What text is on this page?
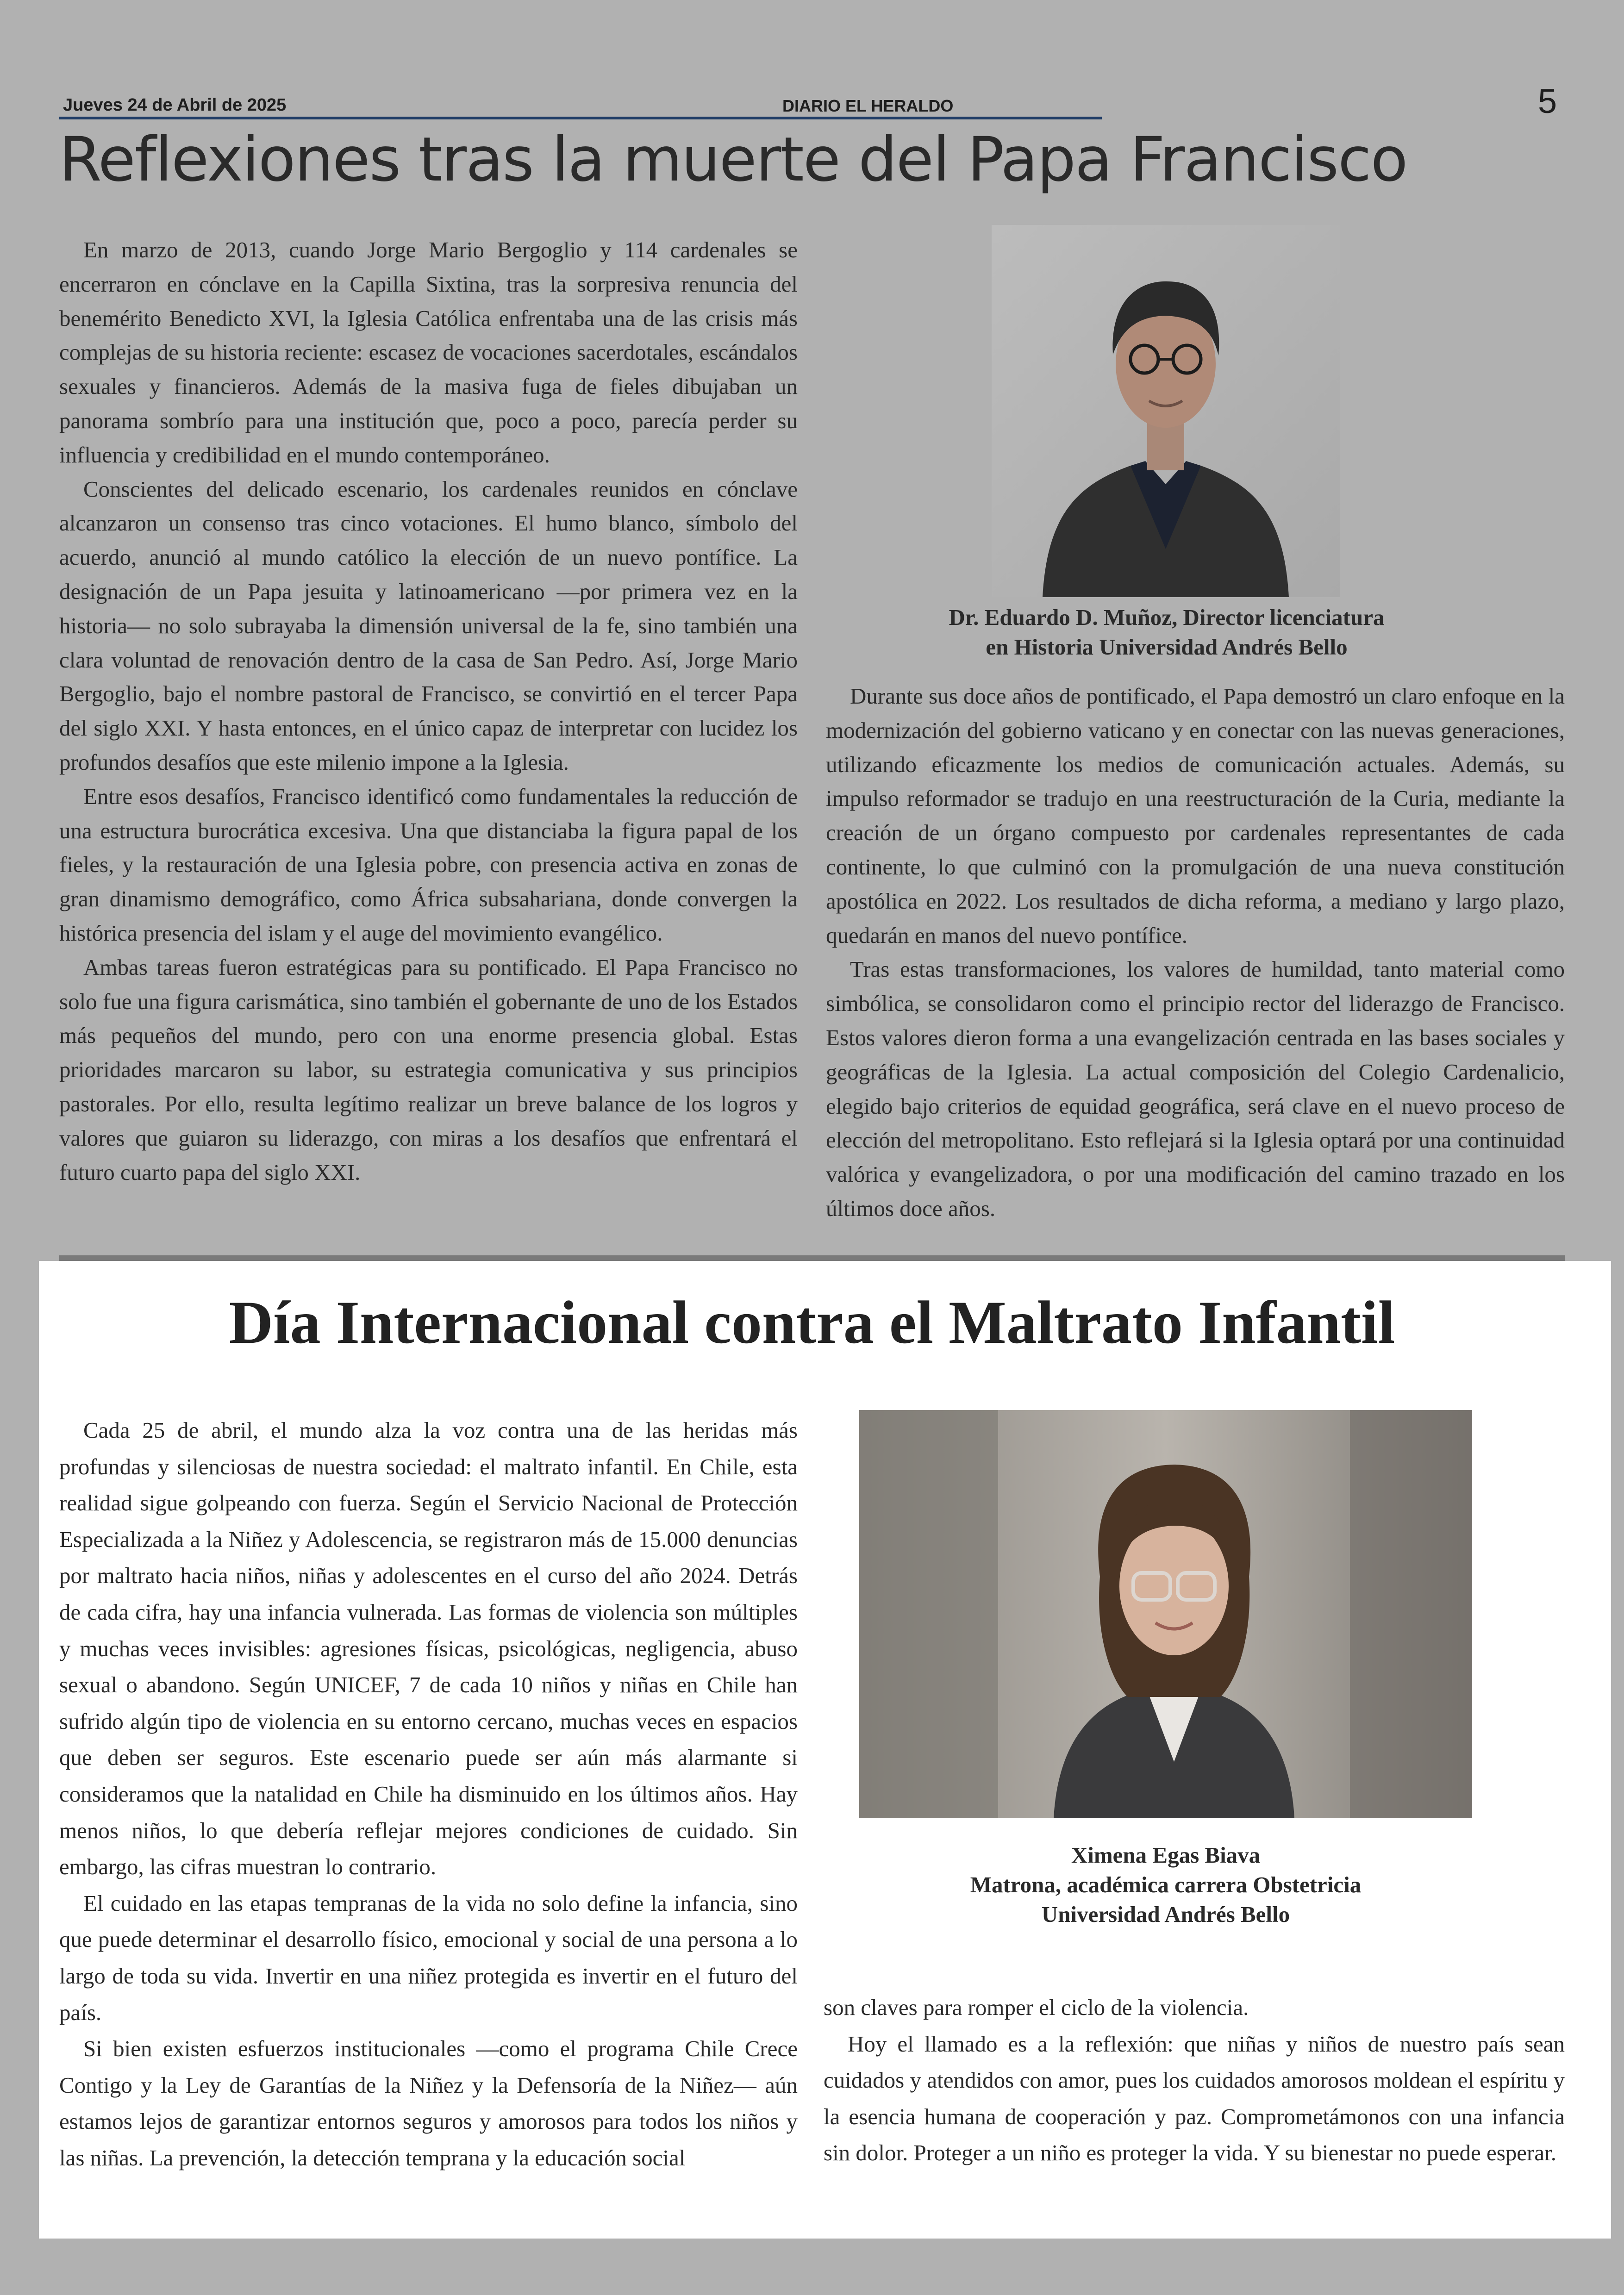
Jueves 24 de Abril de 2025	DIARIO EL HERALDO	5
Reflexiones tras la muerte del Papa Francisco

En marzo de 2013, cuando Jorge Mario Bergoglio y 114 cardenales se encerraron en cónclave en la Capilla Sixtina, tras la sorpresiva renuncia del benemérito Benedicto XVI, la Iglesia Católica enfrentaba una de las crisis más complejas de su historia reciente: escasez de vocaciones sacerdotales, escándalos sexuales y financieros. Además de la masiva fuga de fieles dibujaban un panorama sombrío para una institución que, poco a poco, parecía perder su influencia y credibilidad en el mundo contemporáneo.

Conscientes del delicado escenario, los cardenales reunidos en cónclave alcanzaron un consenso tras cinco votaciones. El humo blanco, símbolo del acuerdo, anunció al mundo católico la elección de un nuevo pontífice. La designación de un Papa jesuita y latinoamericano —por primera vez en la historia— no solo subrayaba la dimensión universal de la fe, sino también una clara voluntad de renovación dentro de la casa de San Pedro. Así, Jorge Mario Bergoglio, bajo el nombre pastoral de Francisco, se convirtió en el tercer Papa del siglo XXI. Y hasta entonces, en el único capaz de interpretar con lucidez los profundos desafíos que este milenio impone a la Iglesia.

Entre esos desafíos, Francisco identificó como fundamentales la reducción de una estructura burocrática excesiva. Una que distanciaba la figura papal de los fieles, y la restauración de una Iglesia pobre, con presencia activa en zonas de gran dinamismo demográfico, como África subsahariana, donde convergen la histórica presencia del islam y el auge del movimiento evangélico.

Ambas tareas fueron estratégicas para su pontificado. El Papa Francisco no solo fue una figura carismática, sino también el gobernante de uno de los Estados más pequeños del mundo, pero con una enorme presencia global. Estas prioridades marcaron su labor, su estrategia comunicativa y sus principios pastorales. Por ello, resulta legítimo realizar un breve balance de los logros y valores que guiaron su liderazgo, con miras a los desafíos que enfrentará el futuro cuarto papa del siglo XXI.

Dr. Eduardo D. Muñoz, Director licenciatura
en Historia Universidad Andrés Bello

Durante sus doce años de pontificado, el Papa demostró un claro enfoque en la modernización del gobierno vaticano y en conectar con las nuevas generaciones, utilizando eficazmente los medios de comunicación actuales. Además, su impulso reformador se tradujo en una reestructuración de la Curia, mediante la creación de un órgano compuesto por cardenales representantes de cada continente, lo que culminó con la promulgación de una nueva constitución apostólica en 2022. Los resultados de dicha reforma, a mediano y largo plazo, quedarán en manos del nuevo pontífice.

Tras estas transformaciones, los valores de humildad, tanto material como simbólica, se consolidaron como el principio rector del liderazgo de Francisco. Estos valores dieron forma a una evangelización centrada en las bases sociales y geográficas de la Iglesia. La actual composición del Colegio Cardenalicio, elegido bajo criterios de equidad geográfica, será clave en el nuevo proceso de elección del metropolitano. Esto reflejará si la Iglesia optará por una continuidad valórica y evangelizadora, o por una modificación del camino trazado en los últimos doce años.

Día Internacional contra el Maltrato Infantil

Cada 25 de abril, el mundo alza la voz contra una de las heridas más profundas y silenciosas de nuestra sociedad: el maltrato infantil. En Chile, esta realidad sigue golpeando con fuerza. Según el Servicio Nacional de Protección Especializada a la Niñez y Adolescencia, se registraron más de 15.000 denuncias por maltrato hacia niños, niñas y adolescentes en el curso del año 2024. Detrás de cada cifra, hay una infancia vulnerada. Las formas de violencia son múltiples y muchas veces invisibles: agresiones físicas, psicológicas, negligencia, abuso sexual o abandono. Según UNICEF, 7 de cada 10 niños y niñas en Chile han sufrido algún tipo de violencia en su entorno cercano, muchas veces en espacios que deben ser seguros. Este escenario puede ser aún más alarmante si consideramos que la natalidad en Chile ha disminuido en los últimos años. Hay menos niños, lo que debería reflejar mejores condiciones de cuidado. Sin embargo, las cifras muestran lo contrario.

El cuidado en las etapas tempranas de la vida no solo define la infancia, sino que puede determinar el desarrollo físico, emocional y social de una persona a lo largo de toda su vida. Invertir en una niñez protegida es invertir en el futuro del país.

Si bien existen esfuerzos institucionales —como el programa Chile Crece Contigo y la Ley de Garantías de la Niñez y la Defensoría de la Niñez— aún estamos lejos de garantizar entornos seguros y amorosos para todos los niños y las niñas. La prevención, la detección temprana y la educación social

Ximena Egas Biava
Matrona, académica carrera Obstetricia
Universidad Andrés Bello

son claves para romper el ciclo de la violencia.

Hoy el llamado es a la reflexión: que niñas y niños de nuestro país sean cuidados y atendidos con amor, pues los cuidados amorosos moldean el espíritu y la esencia humana de cooperación y paz. Comprometámonos con una infancia sin dolor. Proteger a un niño es proteger la vida. Y su bienestar no puede esperar.
